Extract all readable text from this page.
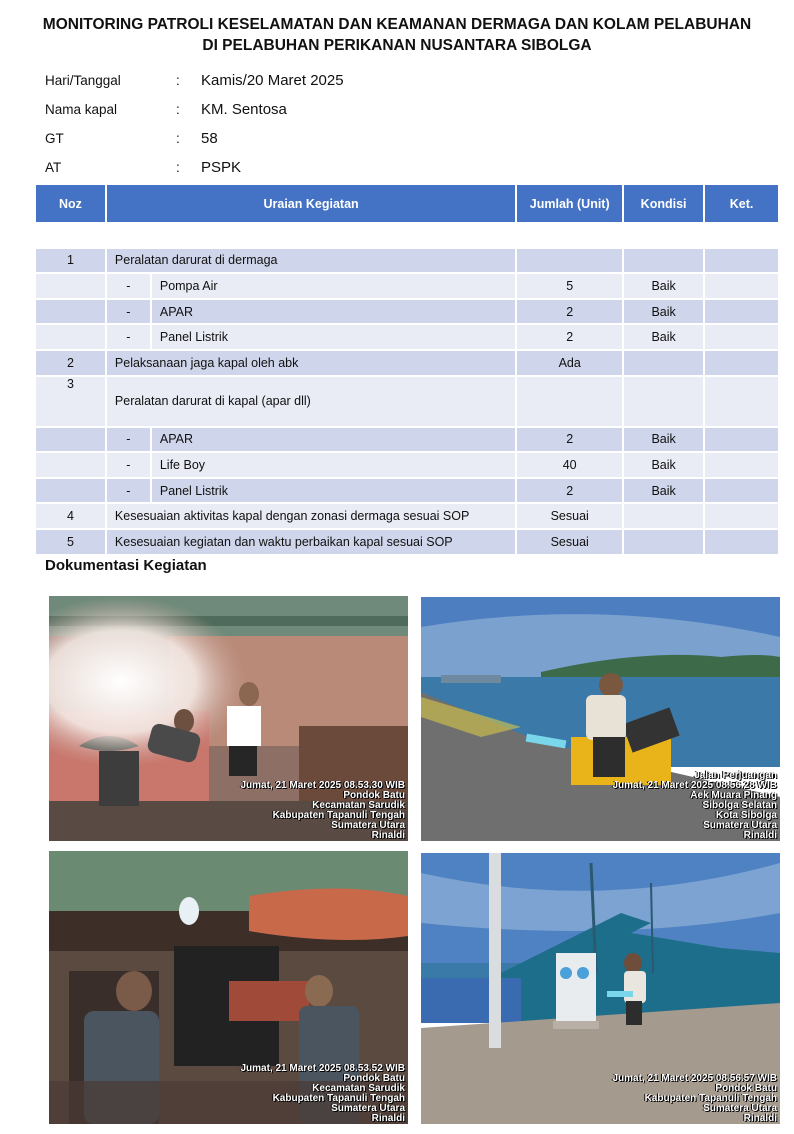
MONITORING PATROLI KESELAMATAN DAN KEAMANAN DERMAGA DAN KOLAM PELABUHAN
DI PELABUHAN PERIKANAN NUSANTARA SIBOLGA
Hari/Tanggal	:	Kamis/20 Maret 2025
Nama kapal	:	KM. Sentosa
GT	:	58
AT	:	PSPK
Noz	Uraian Kegiatan		Jumlah (Unit)	Kondisi	Ket.

1	Peralatan darurat di dermaga				
	-	Pompa Air	5	Baik	
	-	APAR	2	Baik	
	-	Panel Listrik	2	Baik	
2	Pelaksanaan jaga kapal oleh abk		Ada		
3	Peralatan darurat di kapal (apar dll)				
	-	APAR	2	Baik	
	-	Life Boy	40	Baik	
	-	Panel Listrik	2	Baik	
4	Kesesuaian aktivitas kapal dengan zonasi dermaga sesuai SOP		Sesuai		
5	Kesesuaian kegiatan dan waktu perbaikan kapal sesuai SOP		Sesuai		
Dokumentasi Kegiatan
Jumat, 21 Maret 2025 08.53.30 WIB
Pondok Batu
Kecamatan Sarudik
Kabupaten Tapanuli Tengah
Sumatera Utara
Rinaldi
Jalan Perjuangan
Jumat, 21 Maret 2025 08.56.28 WIB
Aek Muara Pinang
Sibolga Selatan
Kota Sibolga
Sumatera Utara
Rinaldi
Jumat, 21 Maret 2025 08.53.52 WIB
Pondok Batu
Kecamatan Sarudik
Kabupaten Tapanuli Tengah
Sumatera Utara
Rinaldi
Jumat, 21 Maret 2025 08.56.57 WIB
Pondok Batu
Kabupaten Tapanuli Tengah
Sumatera Utara
Rinaldi
